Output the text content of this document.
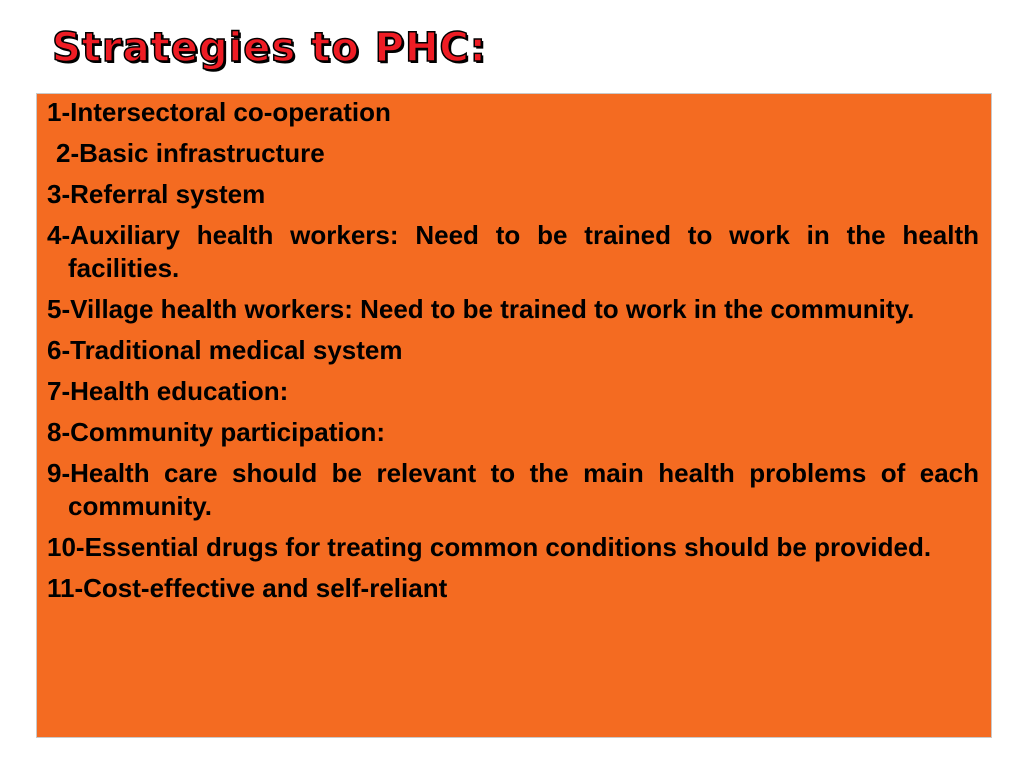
Strategies to PHC:
1-Intersectoral co-operation
2-Basic infrastructure
3-Referral system
4-Auxiliary health workers: Need to be trained to work in the health facilities.
5-Village health workers: Need to be trained to work in the community.
6-Traditional medical system
7-Health education:
8-Community participation:
9-Health care should be relevant to the main health problems of each community.
10-Essential drugs for treating common conditions should be provided.
11-Cost-effective and self-reliant
